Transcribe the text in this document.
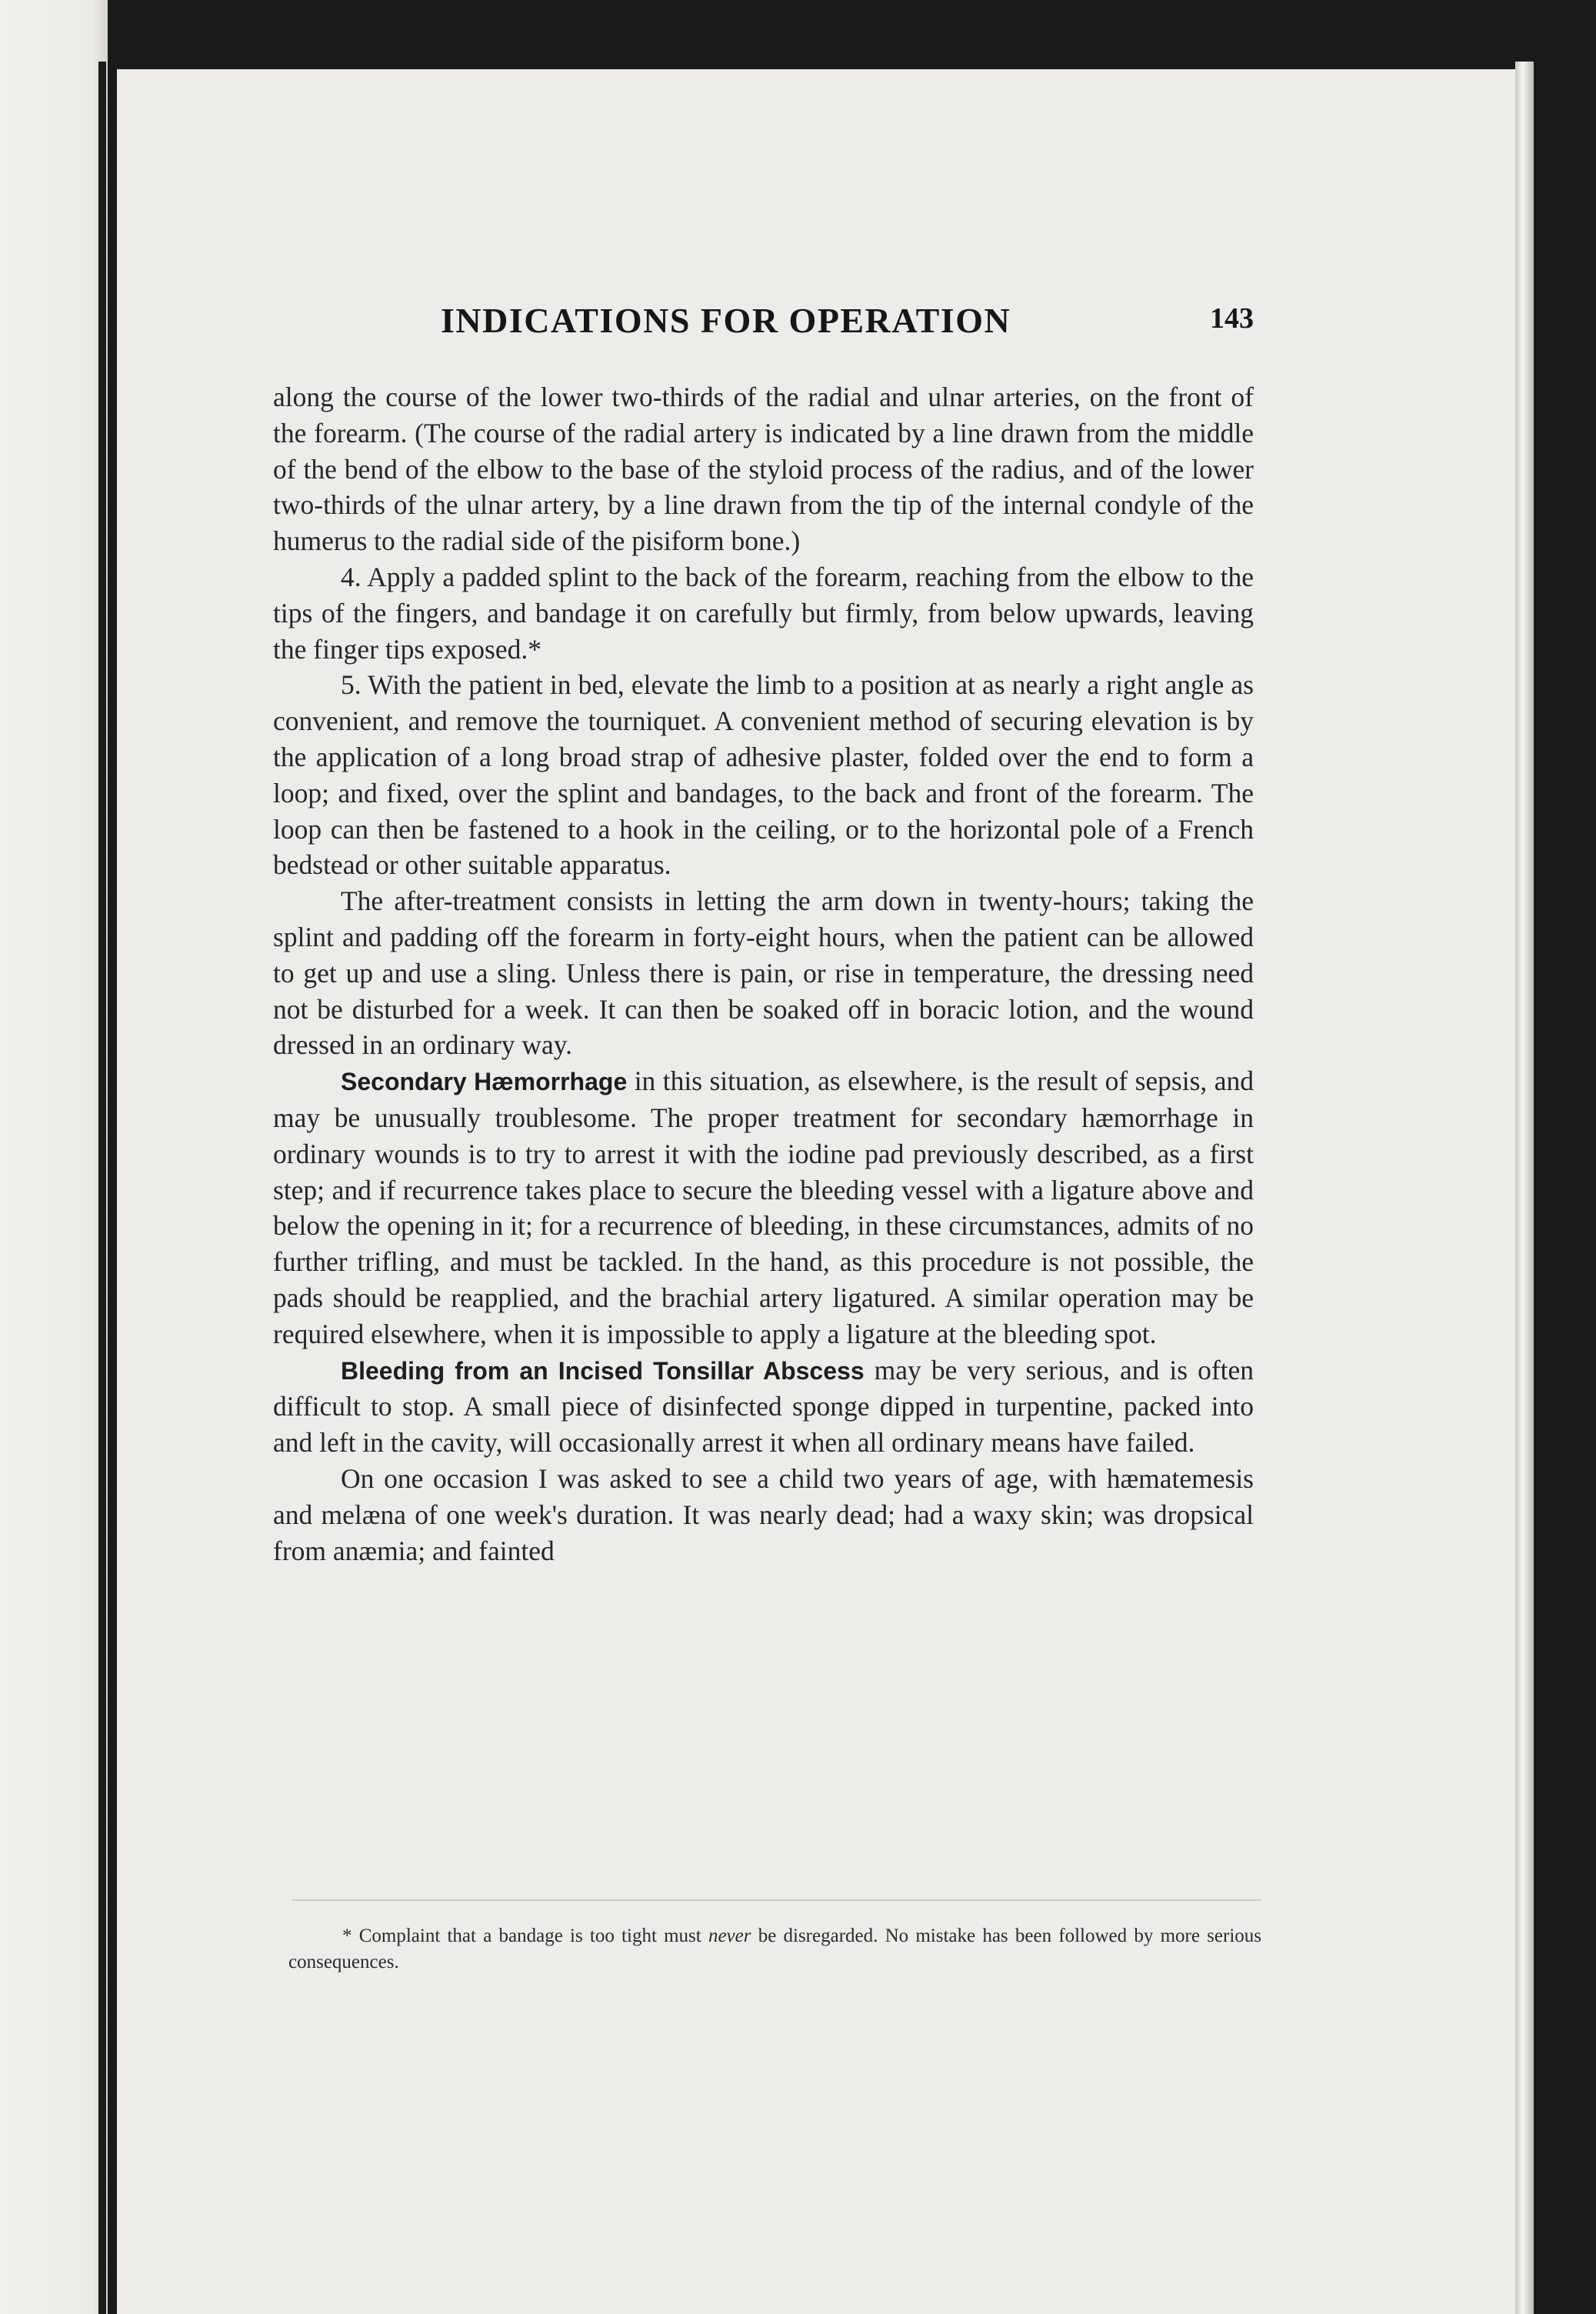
INDICATIONS FOR OPERATION	143

along the course of the lower two-thirds of the radial and ulnar arteries, on the front of the forearm. (The course of the radial artery is indicated by a line drawn from the middle of the bend of the elbow to the base of the styloid process of the radius, and of the lower two-thirds of the ulnar artery, by a line drawn from the tip of the internal condyle of the humerus to the radial side of the pisiform bone.)

4. Apply a padded splint to the back of the forearm, reaching from the elbow to the tips of the fingers, and bandage it on carefully but firmly, from below upwards, leaving the finger tips exposed.*

5. With the patient in bed, elevate the limb to a position at as nearly a right angle as convenient, and remove the tourniquet. A convenient method of securing elevation is by the application of a long broad strap of adhesive plaster, folded over the end to form a loop; and fixed, over the splint and bandages, to the back and front of the forearm. The loop can then be fastened to a hook in the ceiling, or to the horizontal pole of a French bedstead or other suitable apparatus.

The after-treatment consists in letting the arm down in twenty-hours; taking the splint and padding off the forearm in forty-eight hours, when the patient can be allowed to get up and use a sling. Unless there is pain, or rise in temperature, the dressing need not be disturbed for a week. It can then be soaked off in boracic lotion, and the wound dressed in an ordinary way.

Secondary Hæmorrhage in this situation, as elsewhere, is the result of sepsis, and may be unusually troublesome. The proper treatment for secondary hæmorrhage in ordinary wounds is to try to arrest it with the iodine pad previously described, as a first step; and if recurrence takes place to secure the bleeding vessel with a ligature above and below the opening in it; for a recurrence of bleeding, in these circumstances, admits of no further trifling, and must be tackled. In the hand, as this procedure is not possible, the pads should be reapplied, and the brachial artery ligatured. A similar operation may be required elsewhere, when it is impossible to apply a ligature at the bleeding spot.

Bleeding from an Incised Tonsillar Abscess may be very serious, and is often difficult to stop. A small piece of disinfected sponge dipped in turpentine, packed into and left in the cavity, will occasionally arrest it when all ordinary means have failed.

On one occasion I was asked to see a child two years of age, with hæmatemesis and melæna of one week's duration. It was nearly dead; had a waxy skin; was dropsical from anæmia; and fainted

* Complaint that a bandage is too tight must never be disregarded. No mistake has been followed by more serious consequences.
